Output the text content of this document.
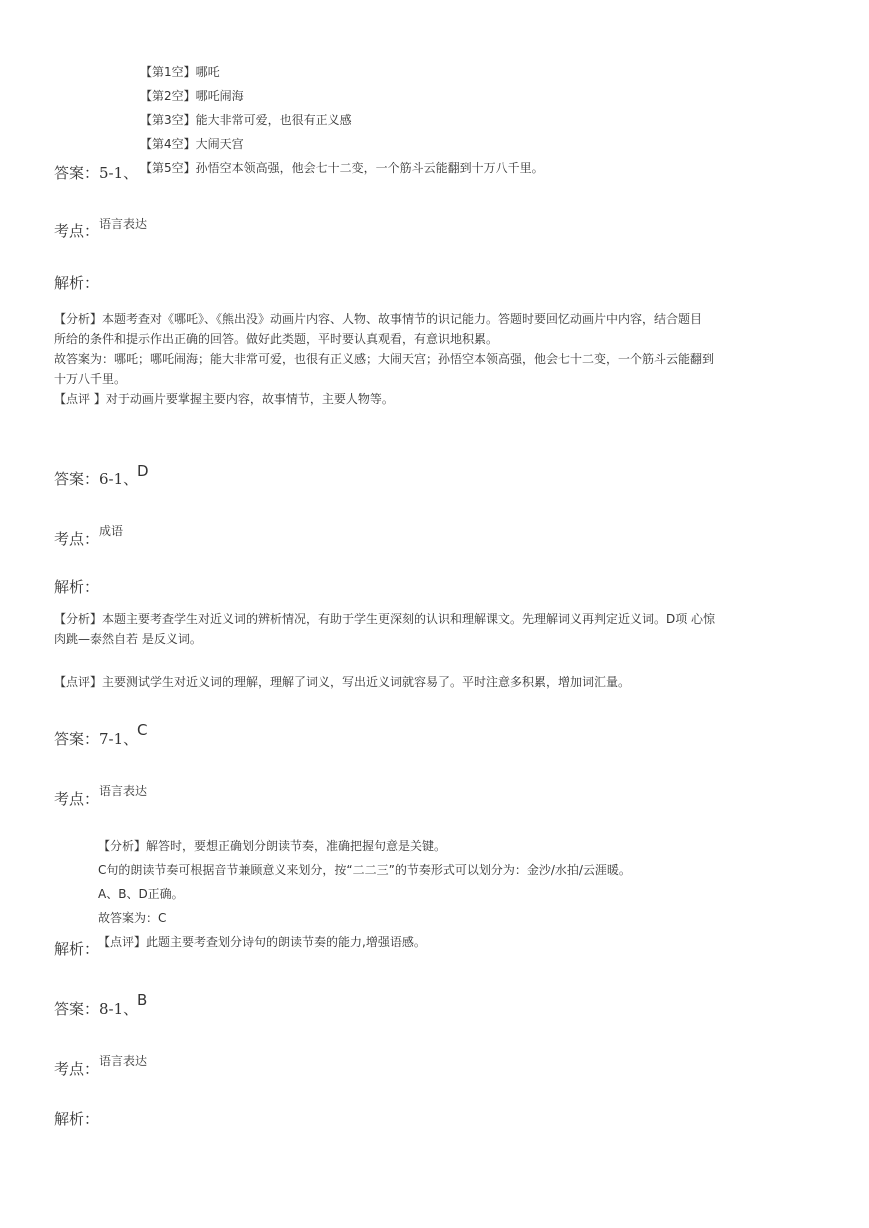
【第1空】哪吒
【第2空】哪吒闹海
【第3空】能大非常可爱，也很有正义感
【第4空】大闹天宫
【第5空】孙悟空本领高强，他会七十二变，一个筋斗云能翻到十万八千里。
答案：5-1、
考点： 语言表达
解析：

【分析】本题考查对《哪吒》、《熊出没》动画片内容、人物、故事情节的识记能力。答题时要回忆动画片中内容，结合题目

所给的条件和提示作出正确的回答。做好此类题，平时要认真观看，有意识地积累。

故答案为：哪吒；哪吒闹海；能大非常可爱，也很有正义感；大闹天宫；孙悟空本领高强，他会七十二变，一个筋斗云能翻到

十万八千里。

【点评 】对于动画片要掌握主要内容，故事情节，主要人物等。

答案：6-1、
D
考点： 成语
解析：

【分析】本题主要考查学生对近义词的辨析情况，有助于学生更深刻的认识和理解课文。先理解词义再判定近义词。D项 心惊

肉跳—泰然自若 是反义词。

【点评】主要测试学生对近义词的理解，理解了词义，写出近义词就容易了。平时注意多积累，增加词汇量。
答案：7-1、
C
考点： 语言表达
【分析】解答时，要想正确划分朗读节奏，准确把握句意是关键。
C句的朗读节奏可根据音节兼顾意义来划分，按“二二三”的节奏形式可以划分为：金沙/水拍/云涯暖。
A、B、D正确。
故答案为：C
【点评】此题主要考查划分诗句的朗读节奏的能力,增强语感。
解析：
答案：8-1、
B
考点： 语言表达
解析：
